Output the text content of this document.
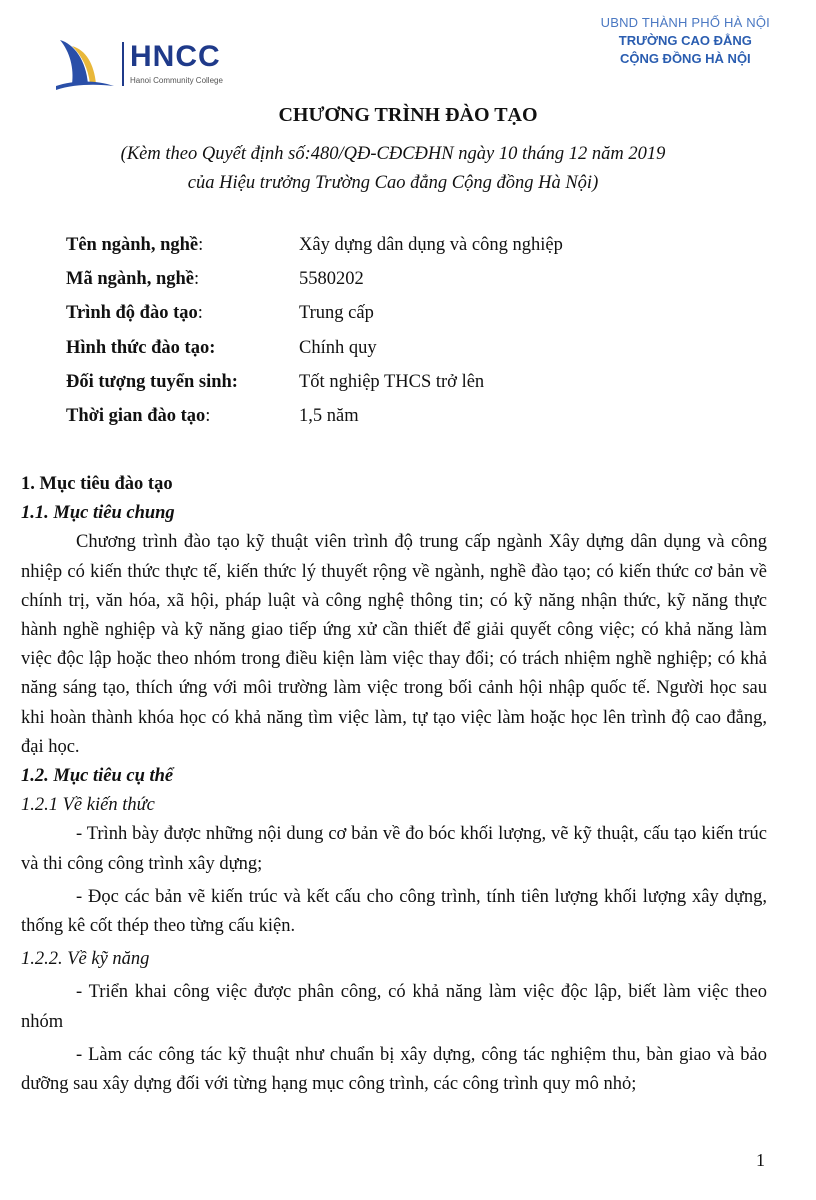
HNCC
Hanoi Community College
UBND THÀNH PHỐ HÀ NỘI
TRƯỜNG CAO ĐẲNG
CỘNG ĐỒNG HÀ NỘI
CHƯƠNG TRÌNH ĐÀO TẠO
(Kèm theo Quyết định số:480/QĐ-CĐCĐHN ngày 10 tháng 12 năm 2019
của Hiệu trưởng Trường Cao đẳng Cộng đồng Hà Nội)
Tên ngành, nghề:	Xây dựng dân dụng và công nghiệp
Mã ngành, nghề:	5580202
Trình độ đào tạo:	Trung cấp
Hình thức đào tạo:	Chính quy
Đối tượng tuyển sinh:	Tốt nghiệp THCS trở lên
Thời gian đào tạo:	1,5 năm

1. Mục tiêu đào tạo

1.1. Mục tiêu chung

Chương trình đào tạo kỹ thuật viên trình độ trung cấp ngành Xây dựng dân dụng và công nhiệp có kiến thức thực tế, kiến thức lý thuyết rộng về ngành, nghề đào tạo; có kiến thức cơ bản về chính trị, văn hóa, xã hội, pháp luật và công nghệ thông tin; có kỹ năng nhận thức, kỹ năng thực hành nghề nghiệp và kỹ năng giao tiếp ứng xử cần thiết để giải quyết công việc; có khả năng làm việc độc lập hoặc theo nhóm trong điều kiện làm việc thay đổi; có trách nhiệm nghề nghiệp; có khả năng sáng tạo, thích ứng với môi trường làm việc trong bối cảnh hội nhập quốc tế. Người học sau khi hoàn thành khóa học có khả năng tìm việc làm, tự tạo việc làm hoặc học lên trình độ cao đẳng, đại học.

1.2. Mục tiêu cụ thể

1.2.1 Về kiến thức

- Trình bày được những nội dung cơ bản về đo bóc khối lượng, vẽ kỹ thuật, cấu tạo kiến trúc và thi công công trình xây dựng;

- Đọc các bản vẽ kiến trúc và kết cấu cho công trình, tính tiên lượng khối lượng xây dựng, thống kê cốt thép theo từng cấu kiện.

1.2.2. Về kỹ năng

- Triển khai công việc được phân công, có khả năng làm việc độc lập, biết làm việc theo nhóm

- Làm các công tác kỹ thuật như chuẩn bị xây dựng, công tác nghiệm thu, bàn giao và bảo dưỡng sau xây dựng đối với từng hạng mục công trình, các công trình quy mô nhỏ;

1
